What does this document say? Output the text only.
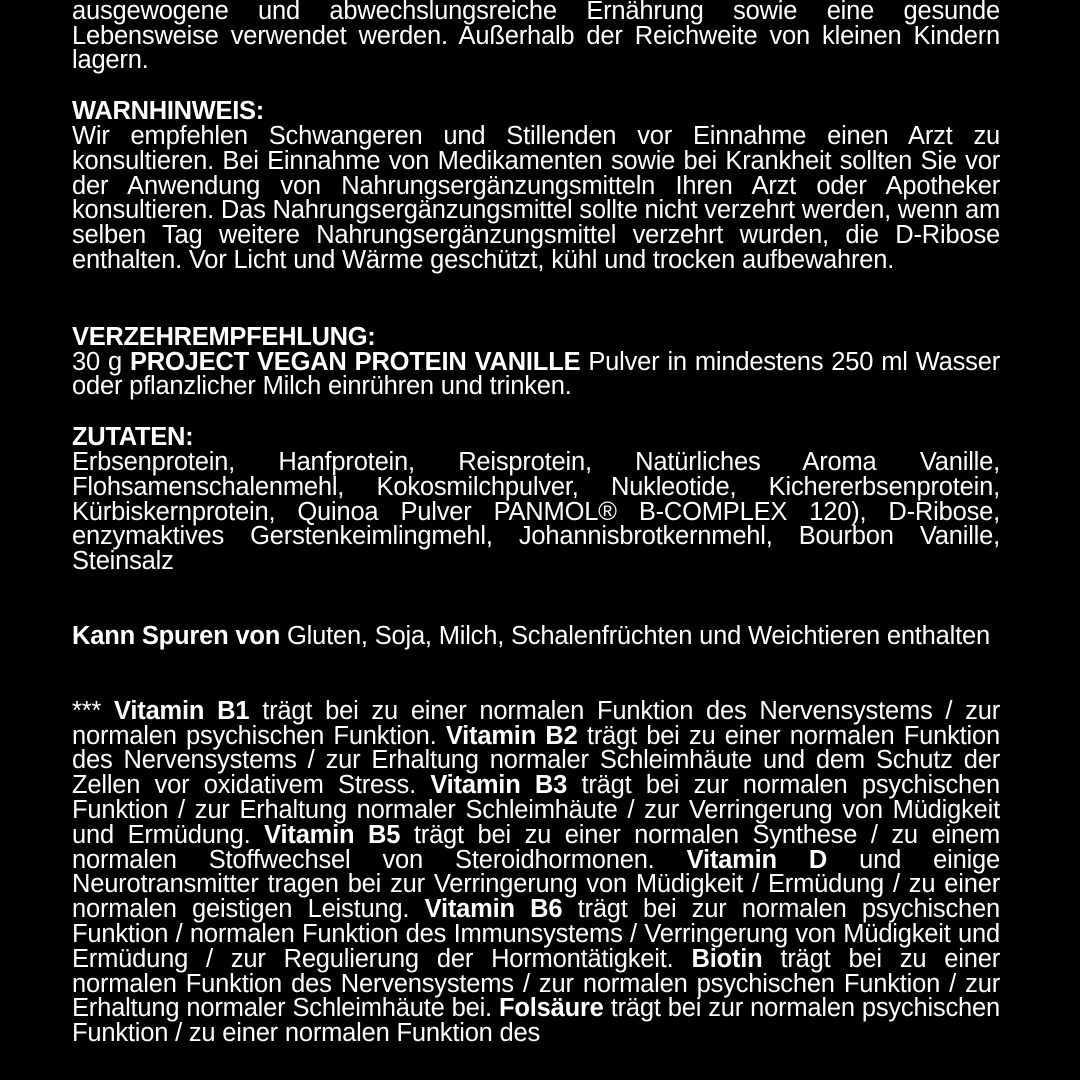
ausgewogene und abwechslungsreiche Ernährung sowie eine gesunde Lebensweise verwendet werden. Außerhalb der Reichweite von kleinen Kindern lagern.

WARNHINWEIS:

Wir empfehlen Schwangeren und Stillenden vor Einnahme einen Arzt zu konsultieren. Bei Einnahme von Medikamenten sowie bei Krankheit sollten Sie vor der Anwendung von Nahrungsergänzungsmitteln Ihren Arzt oder Apotheker konsultieren. Das Nahrungsergänzungsmittel sollte nicht verzehrt werden, wenn am selben Tag weitere Nahrungsergänzungsmittel verzehrt wurden, die D-Ribose enthalten. Vor Licht und Wärme geschützt, kühl und trocken aufbewahren.

VERZEHREMPFEHLUNG:

30 g PROJECT VEGAN PROTEIN VANILLE Pulver in mindestens 250 ml Wasser oder pflanzlicher Milch einrühren und trinken.

ZUTATEN:

Erbsenprotein, Hanfprotein, Reisprotein, Natürliches Aroma Vanille, Flohsamenschalenmehl, Kokosmilchpulver, Nukleotide, Kichererbsenprotein, Kürbiskernprotein, Quinoa Pulver PANMOL® B-COMPLEX 120), D-Ribose, enzymaktives Gerstenkeimlingmehl, Johannisbrotkernmehl, Bourbon Vanille, Steinsalz

Kann Spuren von Gluten, Soja, Milch, Schalenfrüchten und Weichtieren enthalten

*** Vitamin B1 trägt bei zu einer normalen Funktion des Nervensystems / zur normalen psychischen Funktion. Vitamin B2 trägt bei zu einer normalen Funktion des Nervensystems / zur Erhaltung normaler Schleimhäute und dem Schutz der Zellen vor oxidativem Stress. Vitamin B3 trägt bei zur normalen psychischen Funktion / zur Erhaltung normaler Schleimhäute / zur Verringerung von Müdigkeit und Ermüdung. Vitamin B5 trägt bei zu einer normalen Synthese / zu einem normalen Stoffwechsel von Steroidhormonen. Vitamin D und einige Neurotransmitter tragen bei zur Verringerung von Müdigkeit / Ermüdung / zu einer normalen geistigen Leistung. Vitamin B6 trägt bei zur normalen psychischen Funktion / normalen Funktion des Immunsystems / Verringerung von Müdigkeit und Ermüdung / zur Regulierung der Hormontätigkeit. Biotin trägt bei zu einer normalen Funktion des Nervensystems / zur normalen psychischen Funktion / zur Erhaltung normaler Schleimhäute bei. Folsäure trägt bei zur normalen psychischen Funktion / zu einer normalen Funktion des
